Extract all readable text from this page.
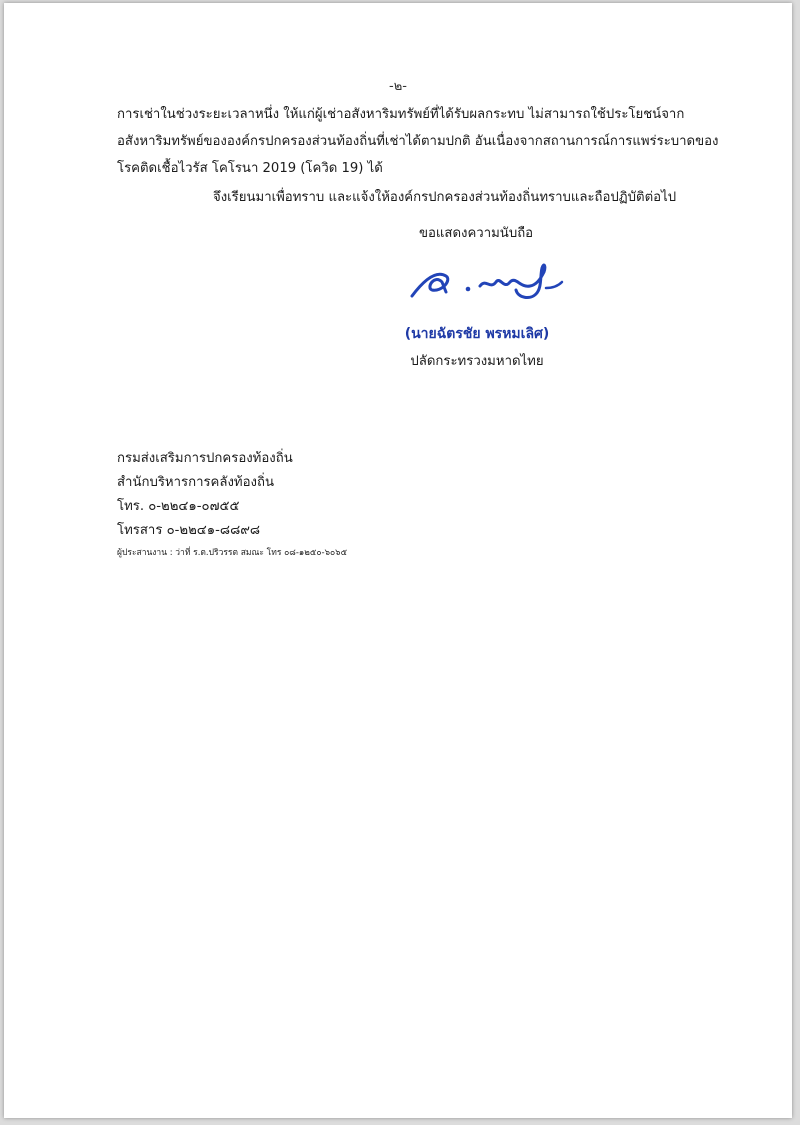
-๒-
การเช่าในช่วงระยะเวลาหนึ่ง ให้แก่ผู้เช่าอสังหาริมทรัพย์ที่ได้รับผลกระทบ ไม่สามารถใช้ประโยชน์จาก
อสังหาริมทรัพย์ขององค์กรปกครองส่วนท้องถิ่นที่เช่าได้ตามปกติ อันเนื่องจากสถานการณ์การแพร่ระบาดของ
โรคติดเชื้อไวรัส โคโรนา 2019 (โควิด 19) ได้
จึงเรียนมาเพื่อทราบ และแจ้งให้องค์กรปกครองส่วนท้องถิ่นทราบและถือปฏิบัติต่อไป
ขอแสดงความนับถือ
(นายฉัตรชัย พรหมเลิศ)
ปลัดกระทรวงมหาดไทย
กรมส่งเสริมการปกครองท้องถิ่น
สำนักบริหารการคลังท้องถิ่น
โทร. ๐-๒๒๔๑-๐๗๕๕
โทรสาร ๐-๒๒๔๑-๘๘๙๘
ผู้ประสานงาน : ว่าที่ ร.ต.ปริวรรต สมณะ โทร ๐๘-๑๒๕๐-๖๐๖๕
